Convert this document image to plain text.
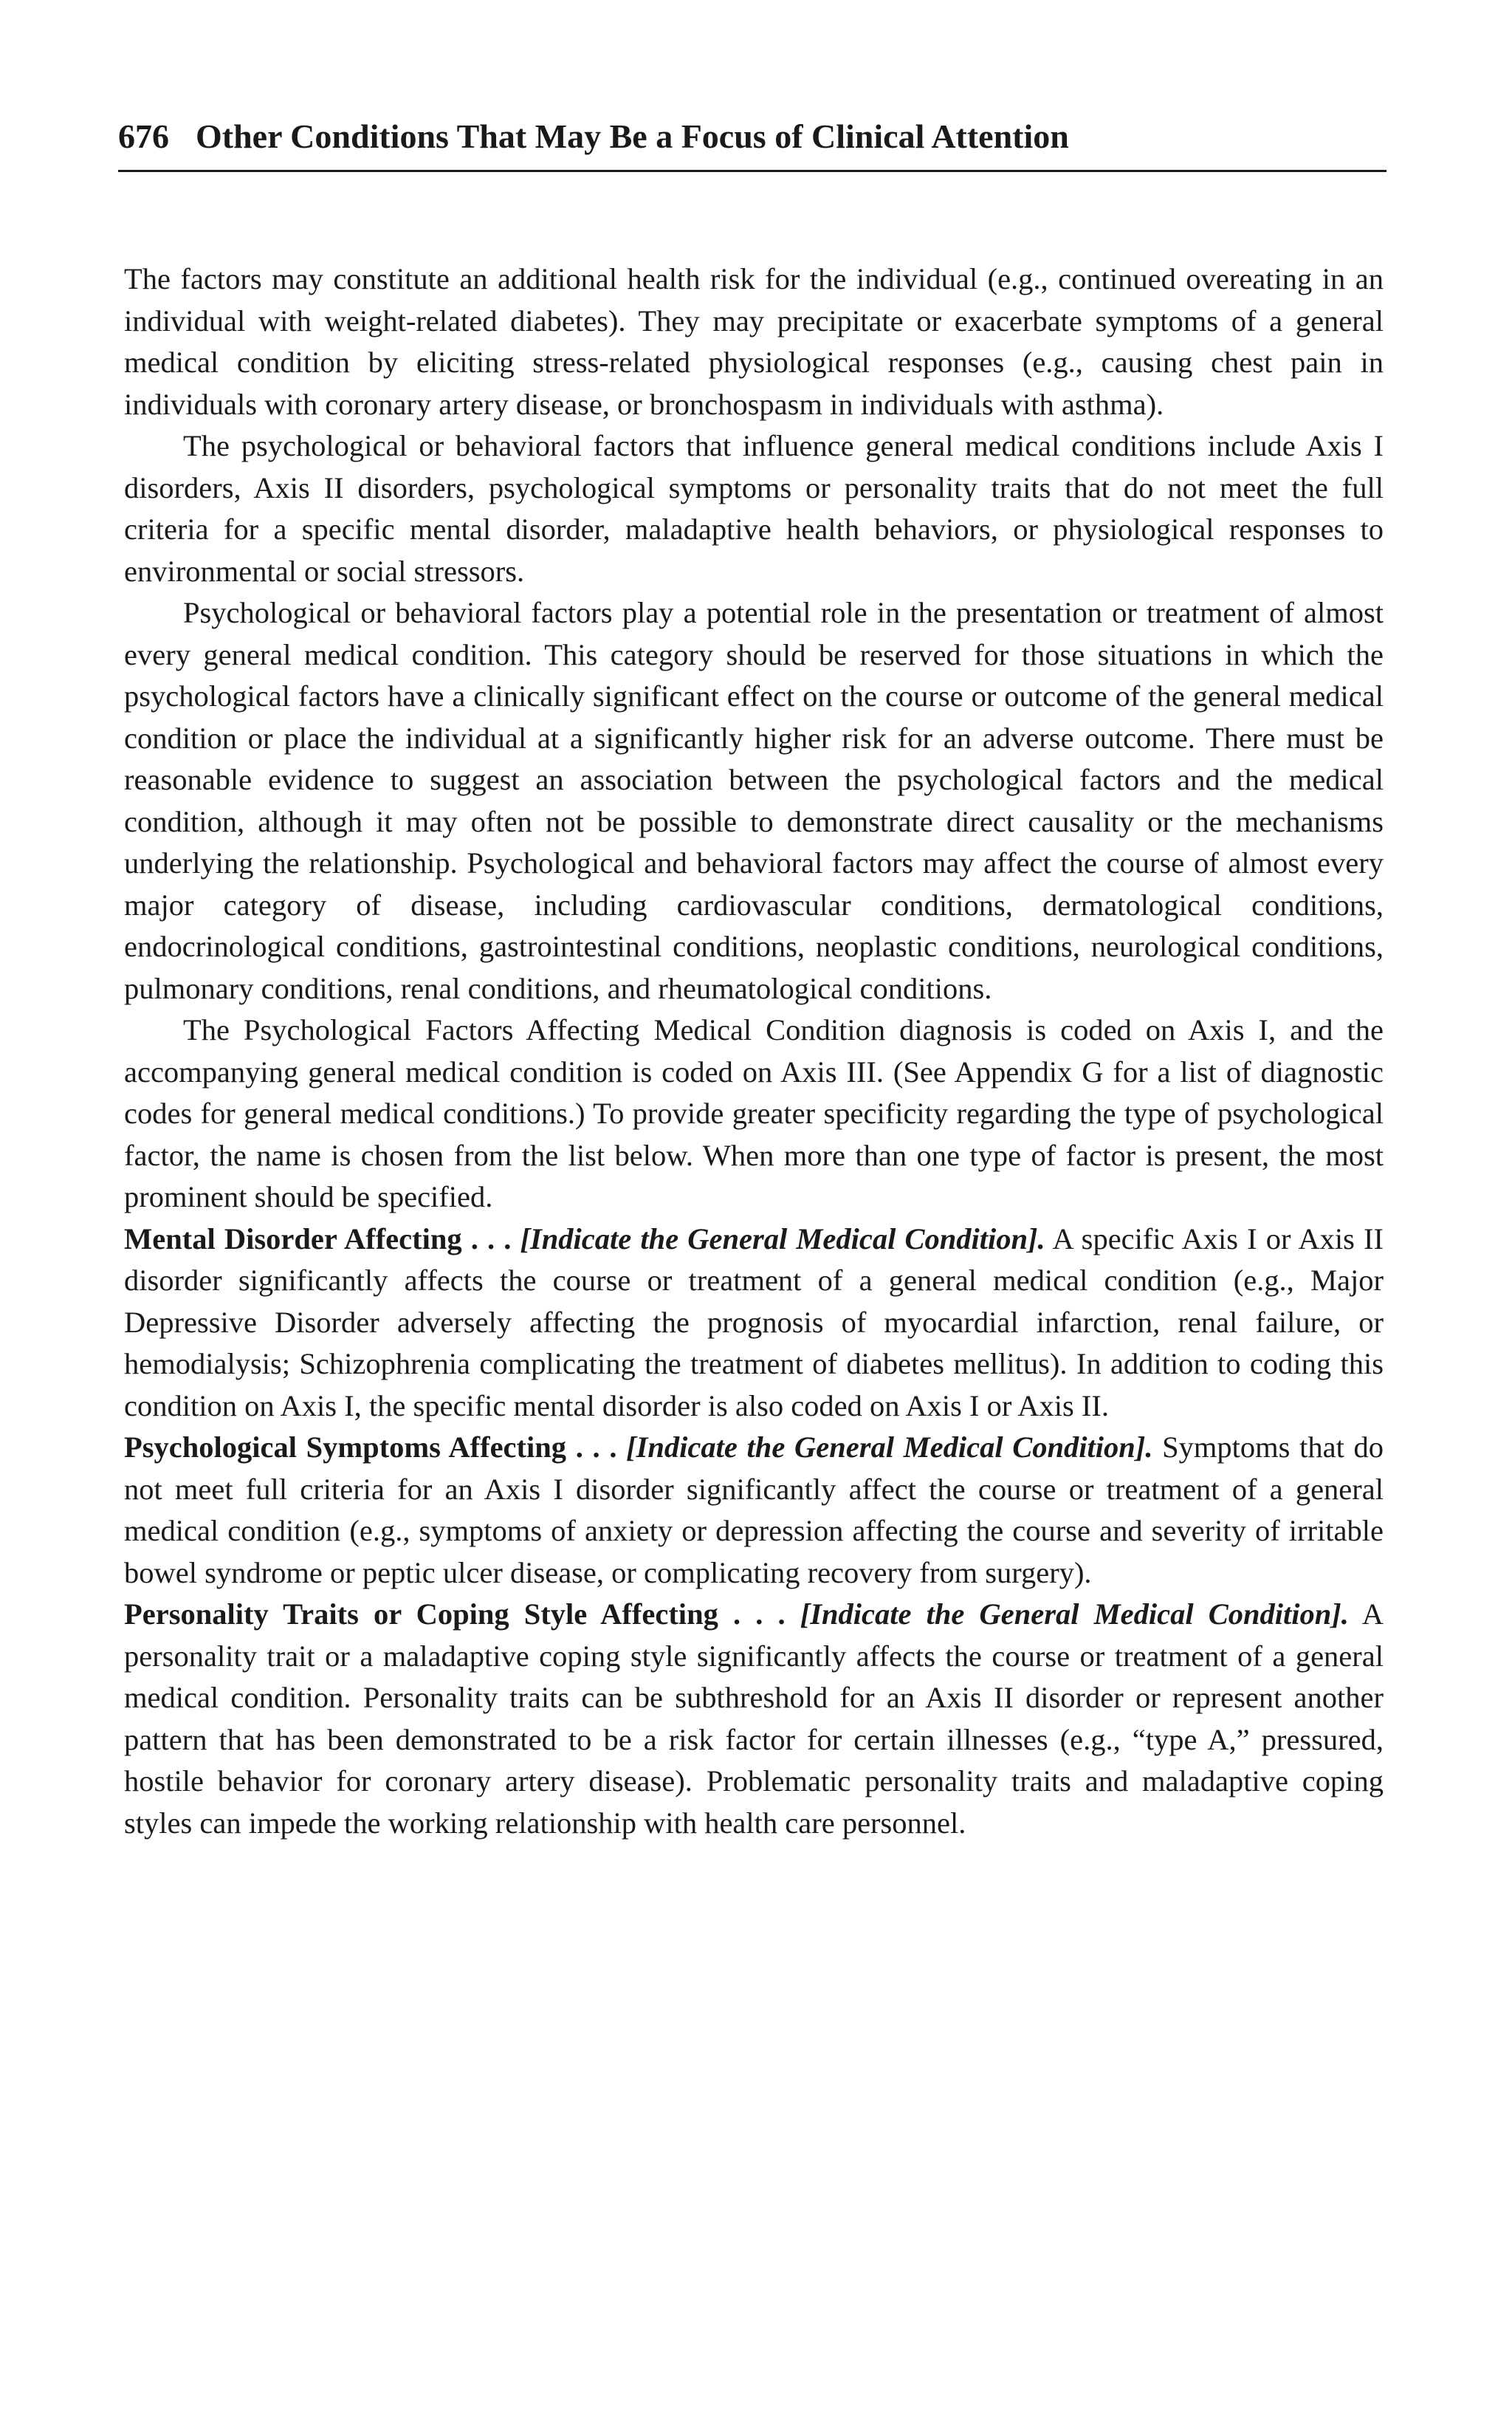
676 Other Conditions That May Be a Focus of Clinical Attention

The factors may constitute an additional health risk for the individual (e.g., continued overeating in an individual with weight-related diabetes). They may precipitate or exacerbate symptoms of a general medical condition by eliciting stress-related physiological responses (e.g., causing chest pain in individuals with coronary artery disease, or bronchospasm in individuals with asthma).

The psychological or behavioral factors that influence general medical conditions include Axis I disorders, Axis II disorders, psychological symptoms or personality traits that do not meet the full criteria for a specific mental disorder, maladaptive health behaviors, or physiological responses to environmental or social stressors.

Psychological or behavioral factors play a potential role in the presentation or treatment of almost every general medical condition. This category should be reserved for those situations in which the psychological factors have a clinically significant effect on the course or outcome of the general medical condition or place the individual at a significantly higher risk for an adverse outcome. There must be reasonable evidence to suggest an association between the psychological factors and the medical condition, although it may often not be possible to demonstrate direct causality or the mechanisms underlying the relationship. Psychological and behavioral factors may affect the course of almost every major category of disease, including cardiovascular conditions, dermatological conditions, endocrinological conditions, gastrointestinal conditions, neoplastic conditions, neurological conditions, pulmonary conditions, renal conditions, and rheumatological conditions.

The Psychological Factors Affecting Medical Condition diagnosis is coded on Axis I, and the accompanying general medical condition is coded on Axis III. (See Appendix G for a list of diagnostic codes for general medical conditions.) To provide greater specificity regarding the type of psychological factor, the name is chosen from the list below. When more than one type of factor is present, the most prominent should be specified.

Mental Disorder Affecting . . . [Indicate the General Medical Condition]. A specific Axis I or Axis II disorder significantly affects the course or treatment of a general medical condition (e.g., Major Depressive Disorder adversely affecting the prognosis of myocardial infarction, renal failure, or hemodialysis; Schizophrenia complicating the treatment of diabetes mellitus). In addition to coding this condition on Axis I, the specific mental disorder is also coded on Axis I or Axis II.

Psychological Symptoms Affecting . . . [Indicate the General Medical Condition]. Symptoms that do not meet full criteria for an Axis I disorder significantly affect the course or treatment of a general medical condition (e.g., symptoms of anxiety or depression affecting the course and severity of irritable bowel syndrome or peptic ulcer disease, or complicating recovery from surgery).

Personality Traits or Coping Style Affecting . . . [Indicate the General Medical Condition]. A personality trait or a maladaptive coping style significantly affects the course or treatment of a general medical condition. Personality traits can be subthreshold for an Axis II disorder or represent another pattern that has been demonstrated to be a risk factor for certain illnesses (e.g., “type A,” pressured, hostile behavior for coronary artery disease). Problematic personality traits and maladaptive coping styles can impede the working relationship with health care personnel.
